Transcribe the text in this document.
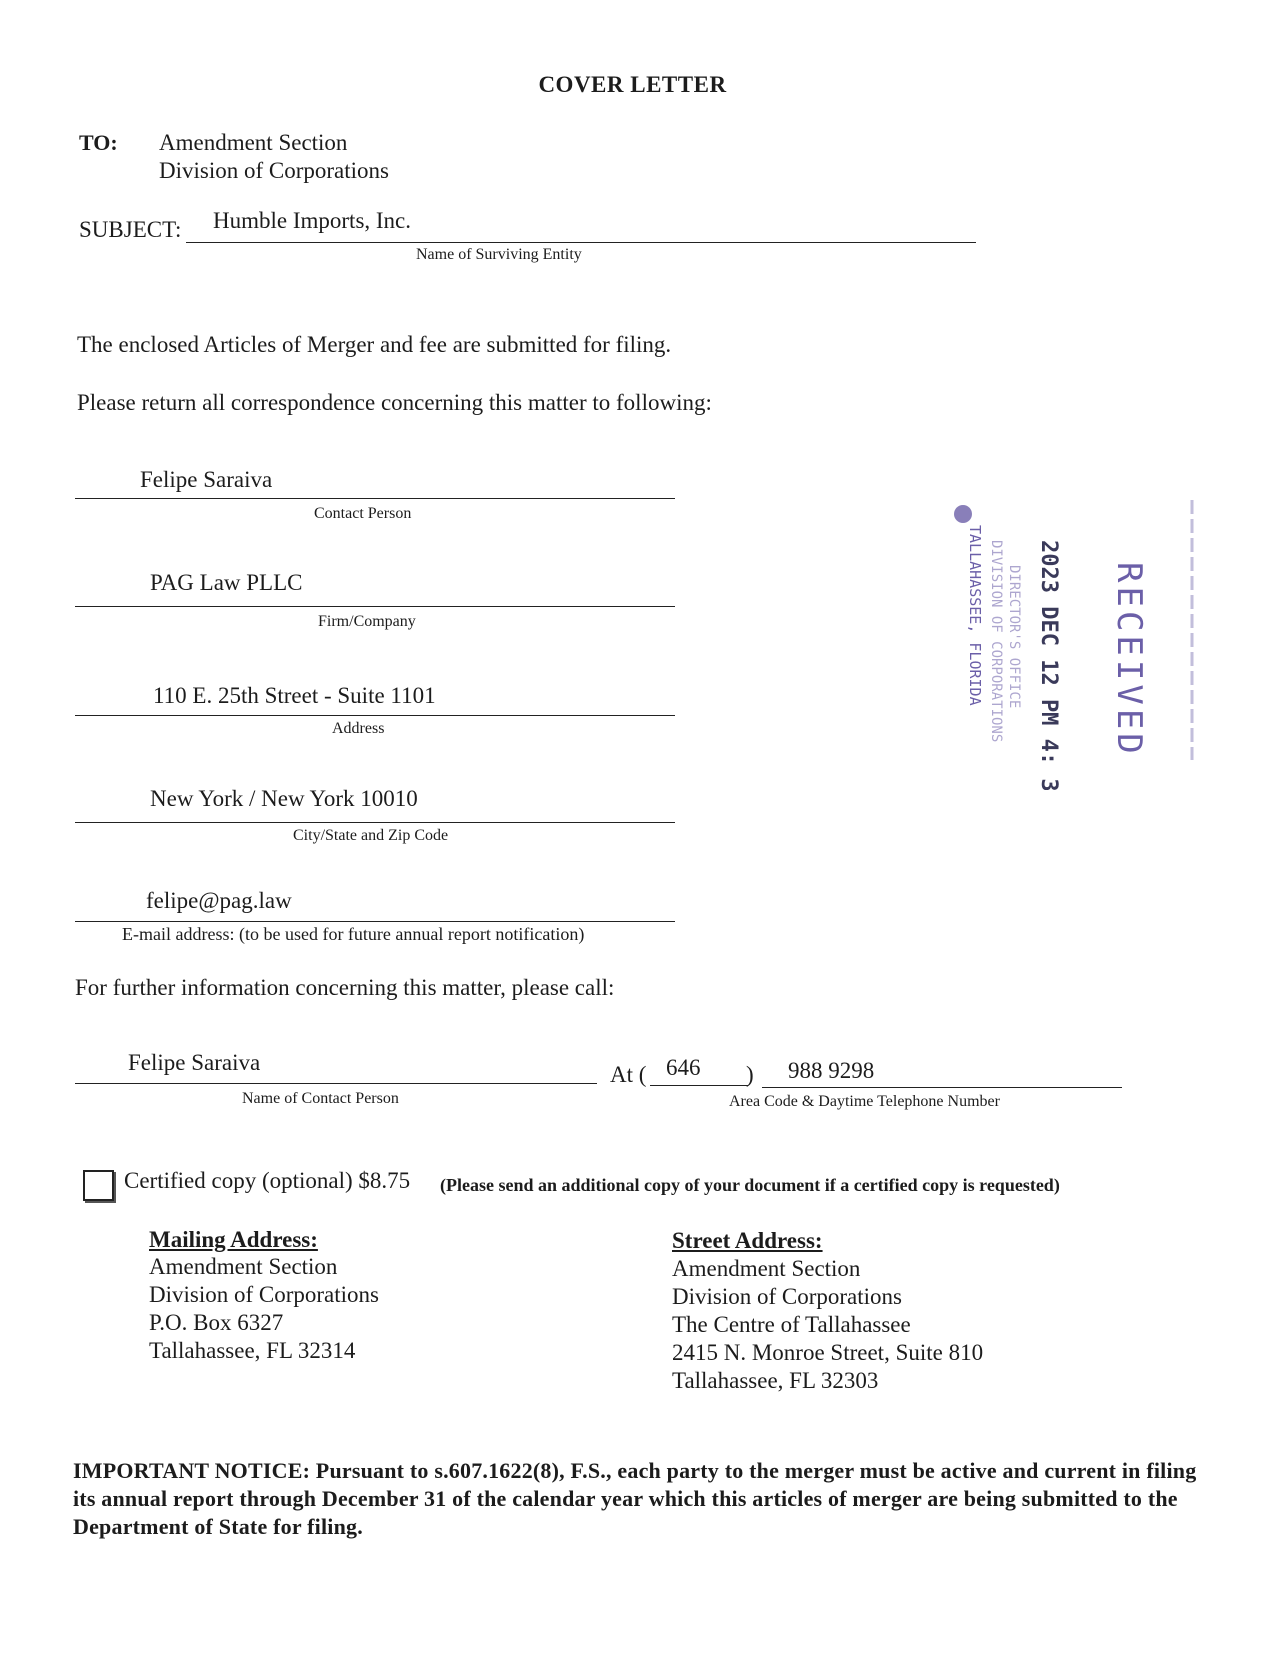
COVER LETTER
TO: Amendment Section
Division of Corporations
SUBJECT: Humble Imports, Inc.
Name of Surviving Entity
The enclosed Articles of Merger and fee are submitted for filing.
Please return all correspondence concerning this matter to following:
Felipe Saraiva
Contact Person
PAG Law PLLC
Firm/Company
110 E. 25th Street - Suite 1101
Address
New York / New York 10010
City/State and Zip Code
felipe@pag.law
E-mail address: (to be used for future annual report notification)
For further information concerning this matter, please call:
Felipe Saraiva
Name of Contact Person
At ( 646 ) 988 9298
Area Code & Daytime Telephone Number
Certified copy (optional) $8.75 (Please send an additional copy of your document if a certified copy is requested)
Mailing Address:
Amendment Section
Division of Corporations
P.O. Box 6327
Tallahassee, FL 32314
Street Address:
Amendment Section
Division of Corporations
The Centre of Tallahassee
2415 N. Monroe Street, Suite 810
Tallahassee, FL 32303
IMPORTANT NOTICE: Pursuant to s.607.1622(8), F.S., each party to the merger must be active and current in filing its annual report through December 31 of the calendar year which this articles of merger are being submitted to the Department of State for filing.
RECEIVED
2023 DEC 12 PM 4: 36
DIRECTOR'S OFFICE
DIVISION OF CORPORATIONS
TALLAHASSEE, FLORIDA
